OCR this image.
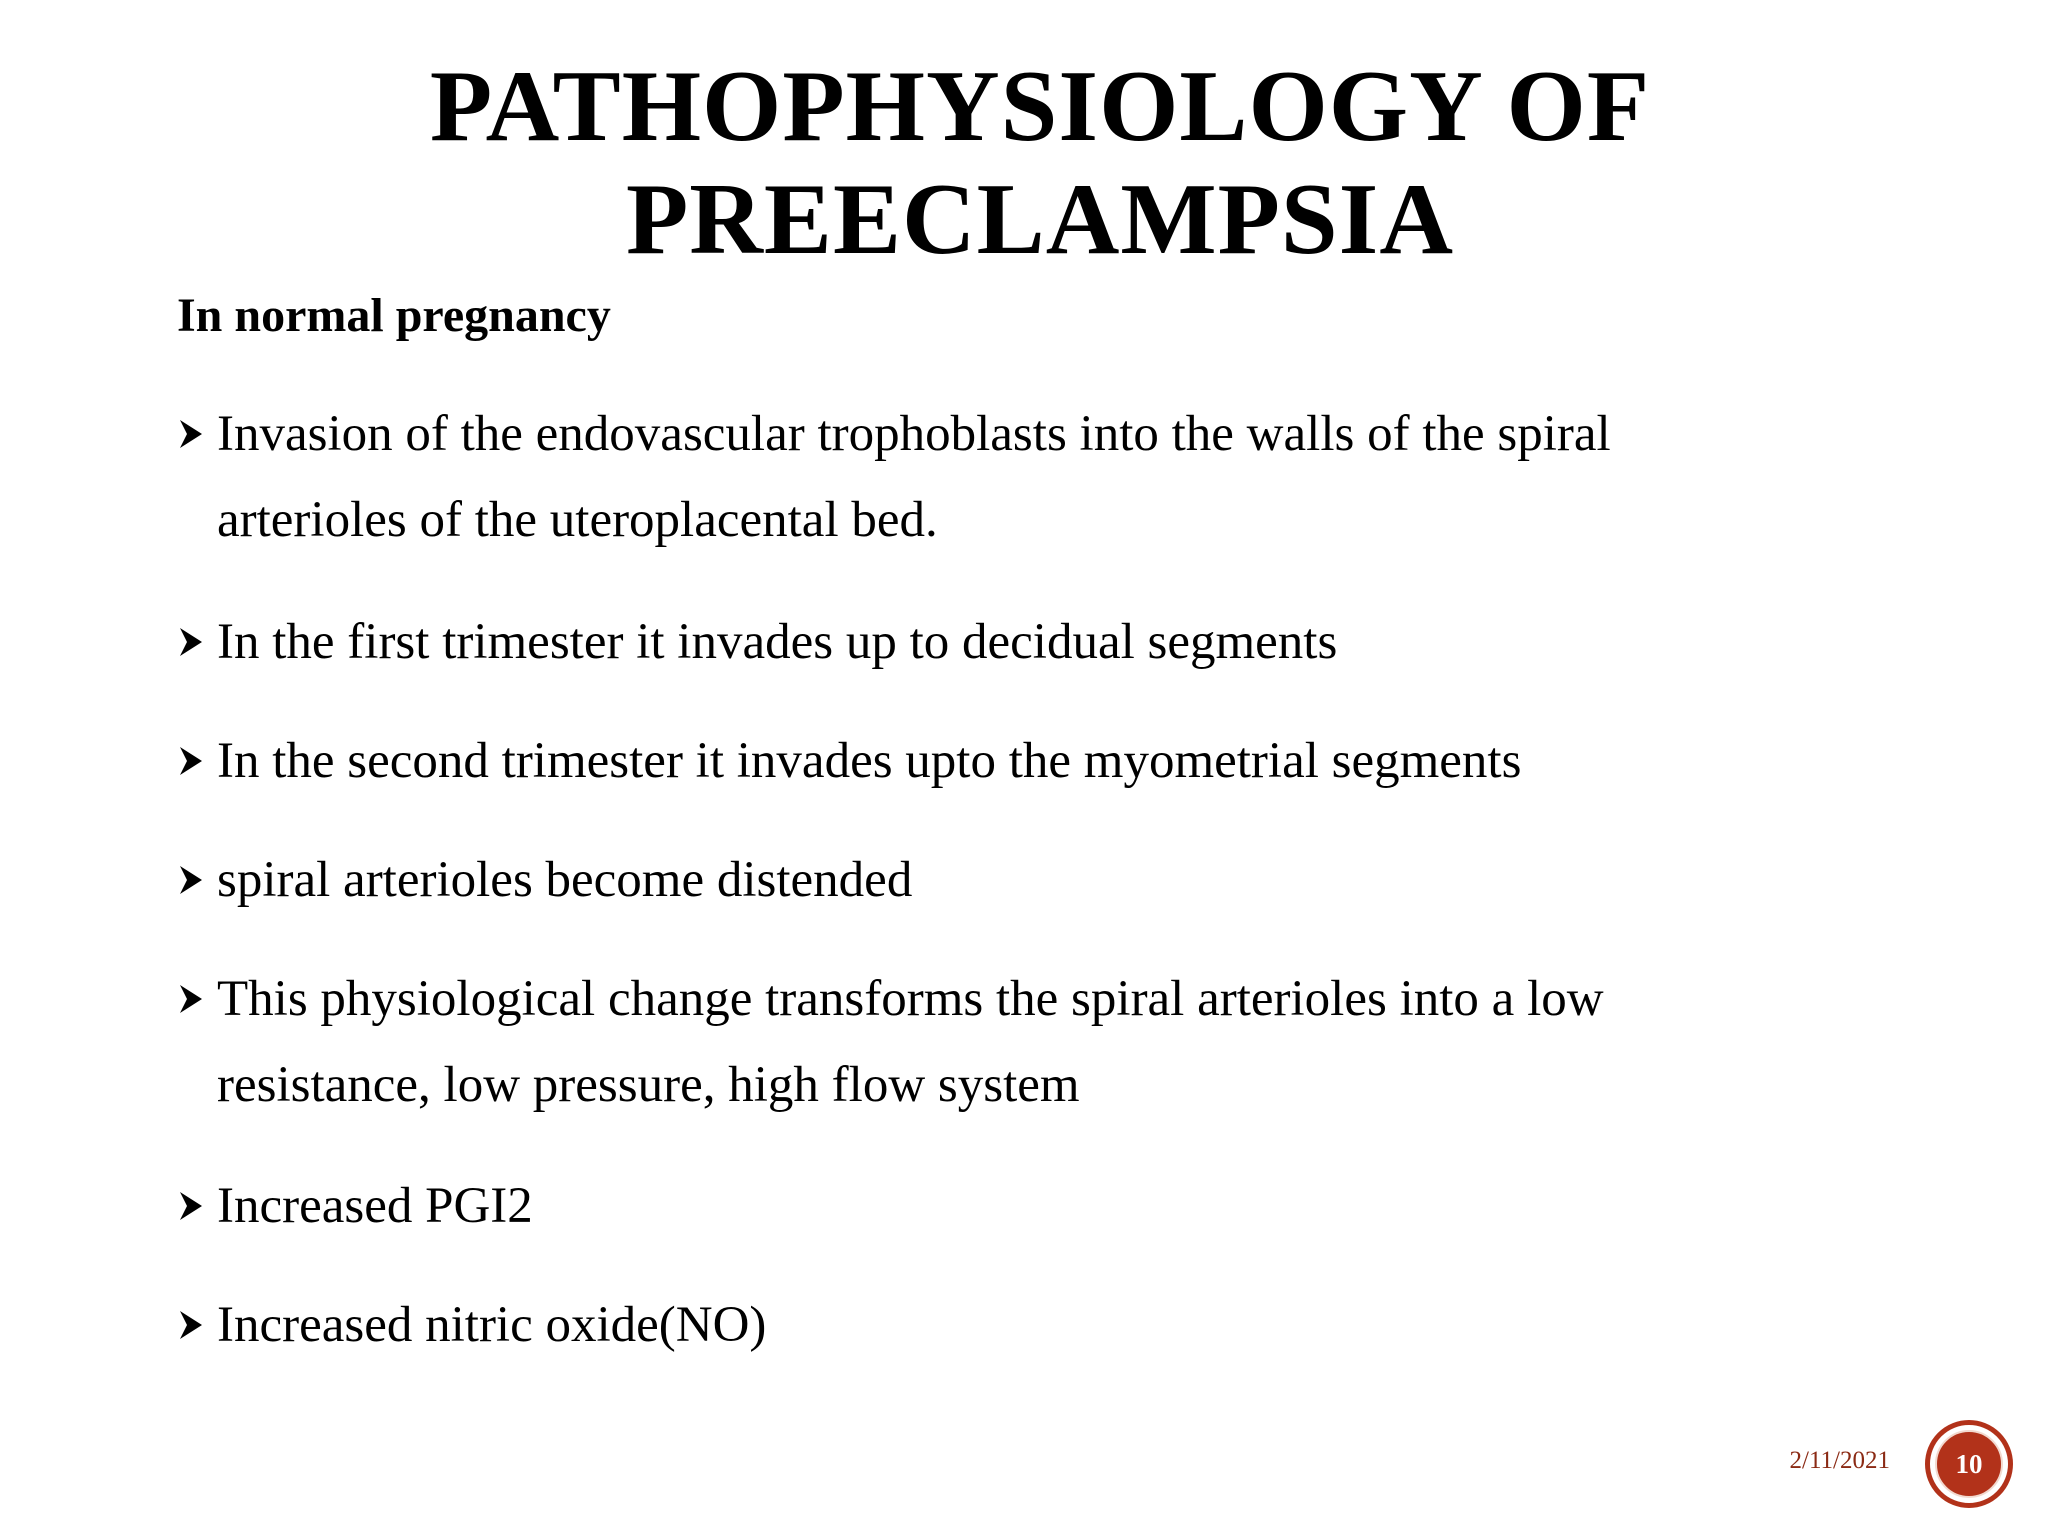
PATHOPHYSIOLOGY OF
PREECLAMPSIA
In normal pregnancy
Invasion of the endovascular trophoblasts into the walls of the spiral arterioles of the uteroplacental bed.
In the first trimester it invades up to decidual segments
In the second trimester it invades upto the myometrial segments
spiral arterioles become distended
This physiological change transforms the spiral arterioles into a low resistance, low pressure, high flow system
Increased PGI2
Increased nitric oxide(NO)
2/11/2021	10
